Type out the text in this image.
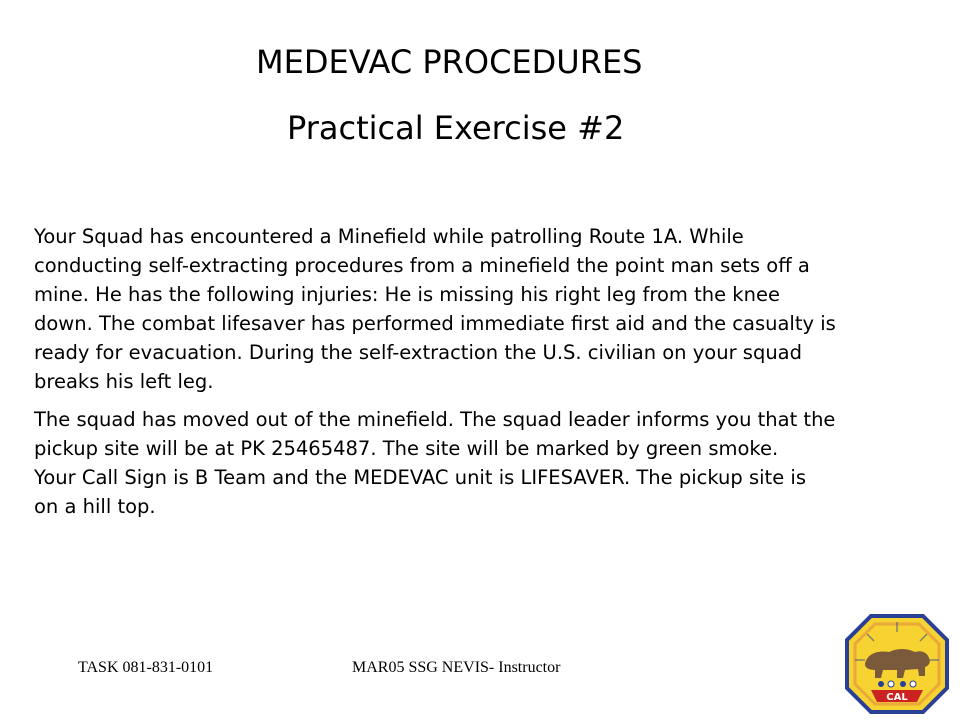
MEDEVAC PROCEDURES
Practical Exercise #2

Your Squad has encountered a Minefield while patrolling Route 1A. While
conducting self-extracting procedures from a minefield the point man sets off a
mine. He has the following injuries: He is missing his right leg from the knee
down. The combat lifesaver has performed immediate first aid and the casualty is
ready for evacuation. During the self-extraction the U.S. civilian on your squad
breaks his left leg.

The squad has moved out of the minefield. The squad leader informs you that the
pickup site will be at PK 25465487. The site will be marked by green smoke.
Your Call Sign is B Team and the MEDEVAC unit is LIFESAVER. The pickup site is
on a hill top.

TASK 081-831-0101	MAR05 SSG NEVIS- Instructor
CAL
